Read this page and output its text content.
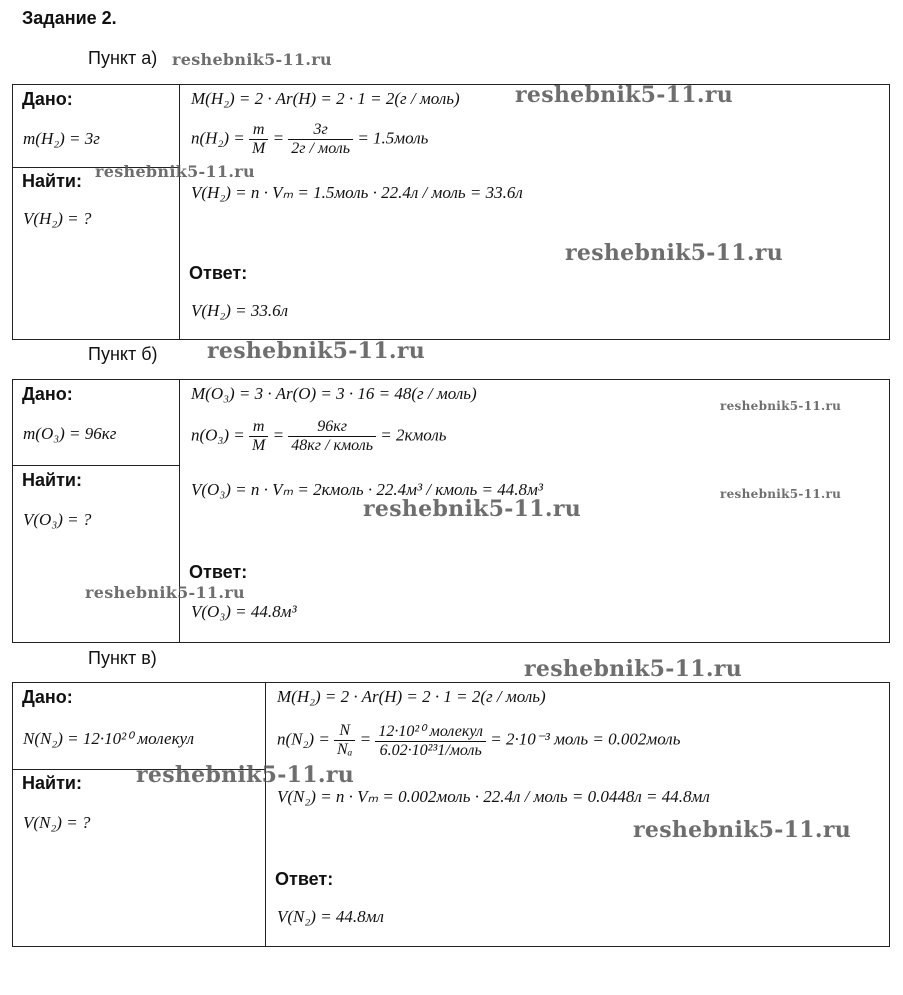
Задание 2.
Пункт а)
Дано:
m(H₂) = 3г
Найти:
V(H₂) = ?
M(H₂) = 2 · Ar(H) = 2 · 1 = 2(г / моль)
$n(H_2) = \frac{m}{M} = \frac{3г}{\text{2г / моль}}$ = 1.5моль
V(H₂) = n · Vₘ = 1.5моль · 22.4л / моль = 33.6л
Ответ:
V(H₂) = 33.6л
Пункт б)
Дано:
m(O₃) = 96кг
Найти:
V(O₃) = ?
M(O₃) = 3 · Ar(O) = 3 · 16 = 48(г / моль)
$n(O_3) = \frac{m}{M} = \frac{96кг}{\text{48кг / кмоль}}$ = 2кмоль
V(O₃) = n · Vₘ = 2кмоль · 22.4м³ / кмоль = 44.8м³
Ответ:
V(O₃) = 44.8м³
Пункт в)
Дано:
N(N₂) = 12·10²⁰ молекул
Найти:
V(N₂) = ?
M(H₂) = 2 · Ar(H) = 2 · 1 = 2(г / моль)
$n(N_2) = \frac{N}{\text{Nₐ}} = \frac{\text{12·10²⁰ молекул}}{\text{6.02·10²³1/моль}} = 2\cdot 10^{-3}$ моль = 0.002моль
V(N₂) = n · Vₘ = 0.002моль · 22.4л / моль = 0.0448л = 44.8мл
Ответ:
V(N₂) = 44.8мл
reshebnik5-11.ru
reshebnik5-11.ru
reshebnik5-11.ru
reshebnik5-11.ru
reshebnik5-11.ru
reshebnik5-11.ru
reshebnik5-11.ru
reshebnik5-11.ru
reshebnik5-11.ru
reshebnik5-11.ru
reshebnik5-11.ru
reshebnik5-11.ru
